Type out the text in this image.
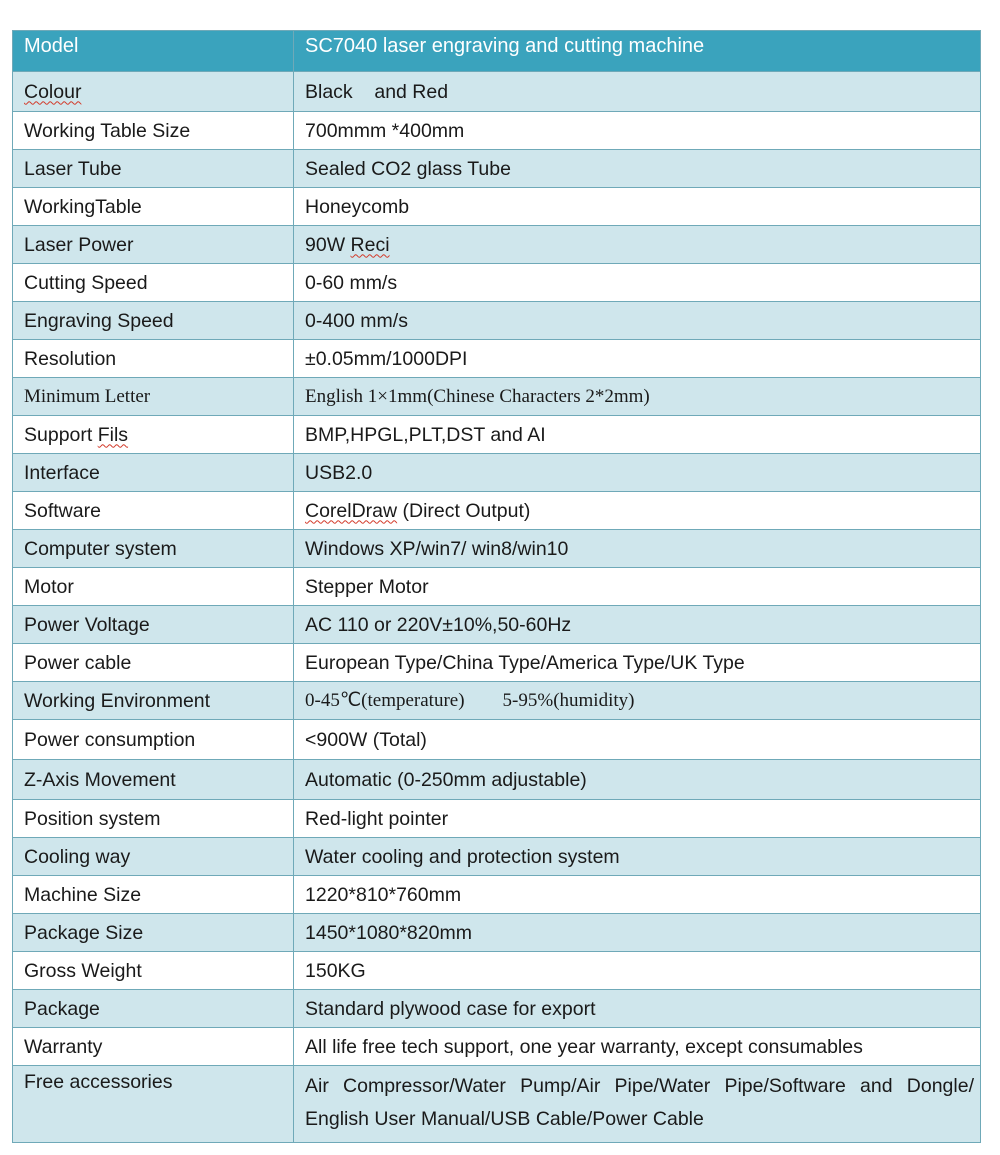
Model	SC7040 laser engraving and cutting machine
Colour	Black    and Red
Working Table Size	700mmm *400mm
Laser Tube	Sealed CO2 glass Tube
WorkingTable	Honeycomb
Laser Power	90W Reci
Cutting Speed	0-60 mm/s
Engraving Speed	0-400 mm/s
Resolution	±0.05mm/1000DPI
Minimum Letter	English 1×1mm(Chinese Characters 2*2mm)
Support Fils	BMP,HPGL,PLT,DST and AI
Interface	USB2.0
Software	CorelDraw (Direct Output)
Computer system	Windows XP/win7/ win8/win10
Motor	Stepper Motor
Power Voltage	AC 110 or 220V±10%,50-60Hz
Power cable	European Type/China Type/America Type/UK Type
Working Environment	0-45℃(temperature) 5-95%(humidity)
Power consumption	<900W (Total)
Z-Axis Movement	Automatic (0-250mm adjustable)
Position system	Red-light pointer
Cooling way	Water cooling and protection system
Machine Size	1220*810*760mm
Package Size	1450*1080*820mm
Gross Weight	150KG
Package	Standard plywood case for export
Warranty	All life free tech support, one year warranty, except consumables
Free accessories	Air Compressor/Water Pump/Air Pipe/Water Pipe/Software and Dongle/ English User Manual/USB Cable/Power Cable
